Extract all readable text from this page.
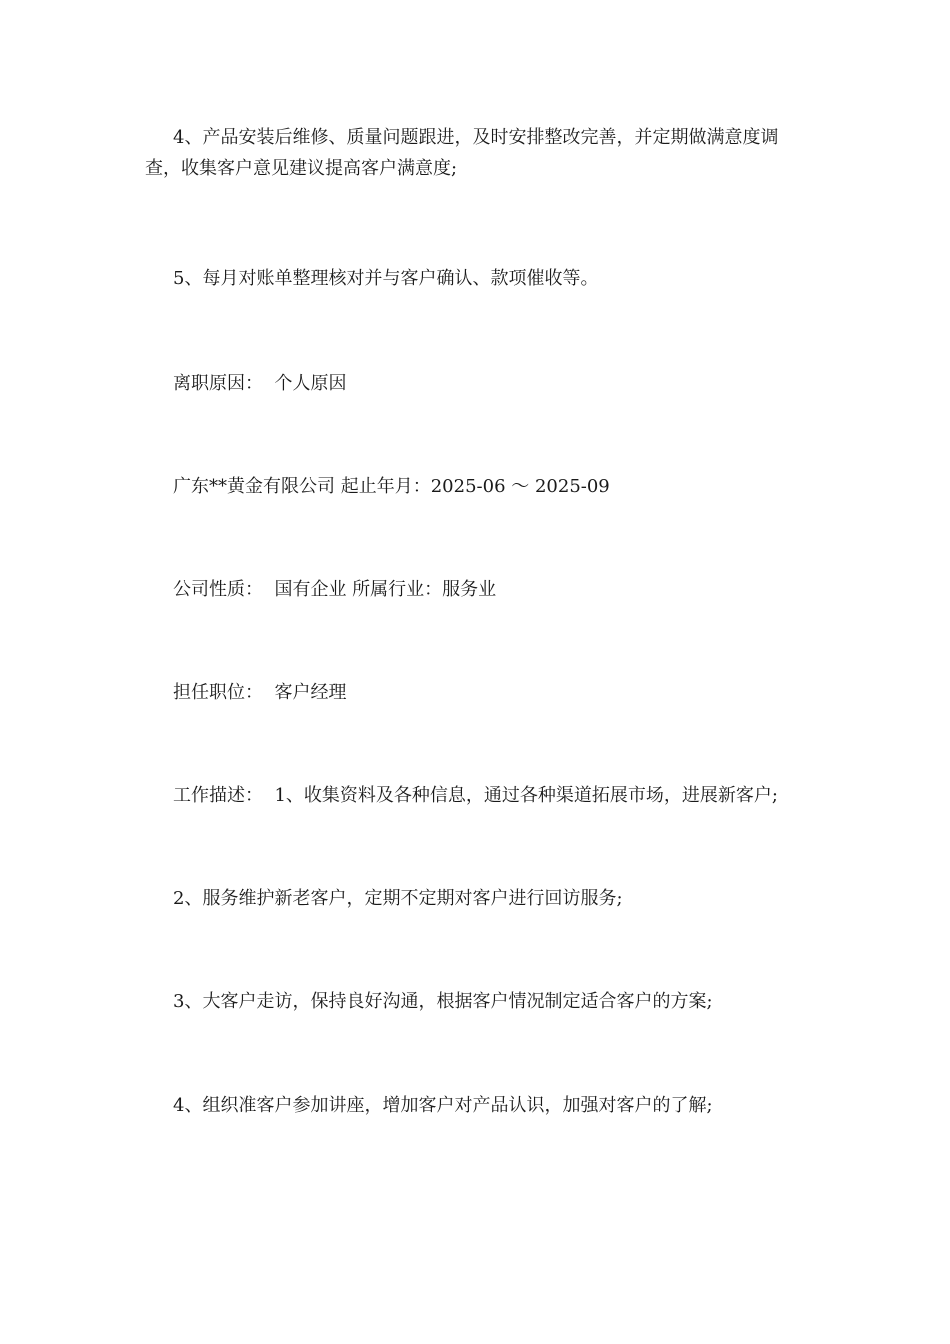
4、产品安装后维修、质量问题跟进，及时安排整改完善，并定期做满意度调查，收集客户意见建议提高客户满意度;
5、每月对账单整理核对并与客户确认、款项催收等。
离职原因：  个人原因
广东**黄金有限公司 起止年月：2025-06 ～ 2025-09
公司性质：  国有企业 所属行业：服务业
担任职位：  客户经理
工作描述：  1、收集资料及各种信息，通过各种渠道拓展市场，进展新客户;
2、服务维护新老客户，定期不定期对客户进行回访服务;
3、大客户走访，保持良好沟通，根据客户情况制定适合客户的方案;
4、组织准客户参加讲座，增加客户对产品认识，加强对客户的了解;
